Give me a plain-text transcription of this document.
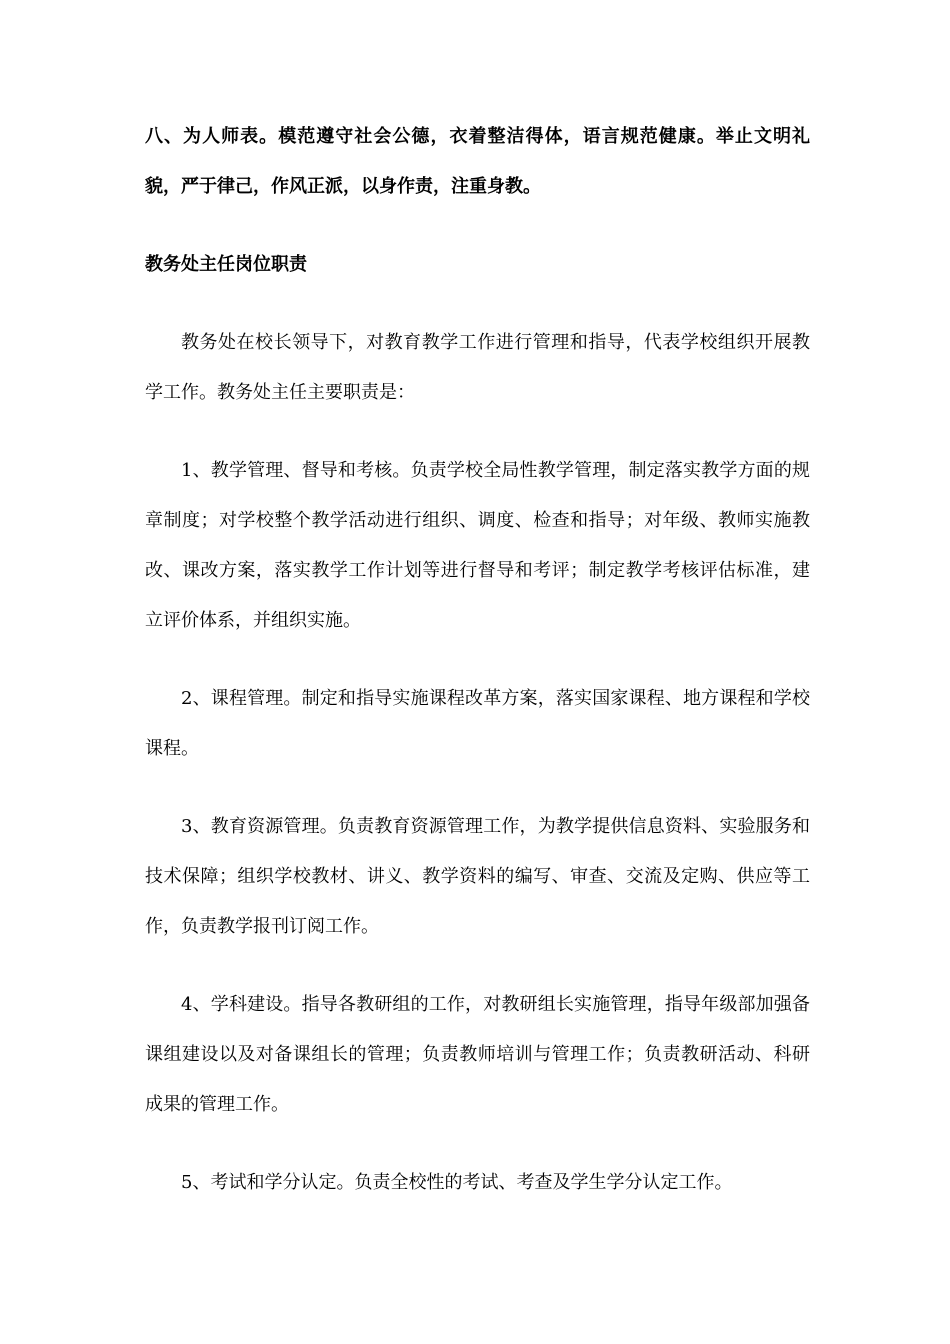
八、为人师表。模范遵守社会公德，衣着整洁得体，语言规范健康。举止文明礼貌，严于律己，作风正派，以身作责，注重身教。

教务处主任岗位职责

教务处在校长领导下，对教育教学工作进行管理和指导，代表学校组织开展教学工作。教务处主任主要职责是：

1、教学管理、督导和考核。负责学校全局性教学管理，制定落实教学方面的规章制度；对学校整个教学活动进行组织、调度、检查和指导；对年级、教师实施教改、课改方案，落实教学工作计划等进行督导和考评；制定教学考核评估标准，建立评价体系，并组织实施。

2、课程管理。制定和指导实施课程改革方案，落实国家课程、地方课程和学校课程。

3、教育资源管理。负责教育资源管理工作，为教学提供信息资料、实验服务和技术保障；组织学校教材、讲义、教学资料的编写、审查、交流及定购、供应等工作，负责教学报刊订阅工作。

4、学科建设。指导各教研组的工作，对教研组长实施管理，指导年级部加强备课组建设以及对备课组长的管理；负责教师培训与管理工作；负责教研活动、科研成果的管理工作。

5、考试和学分认定。负责全校性的考试、考查及学生学分认定工作。
